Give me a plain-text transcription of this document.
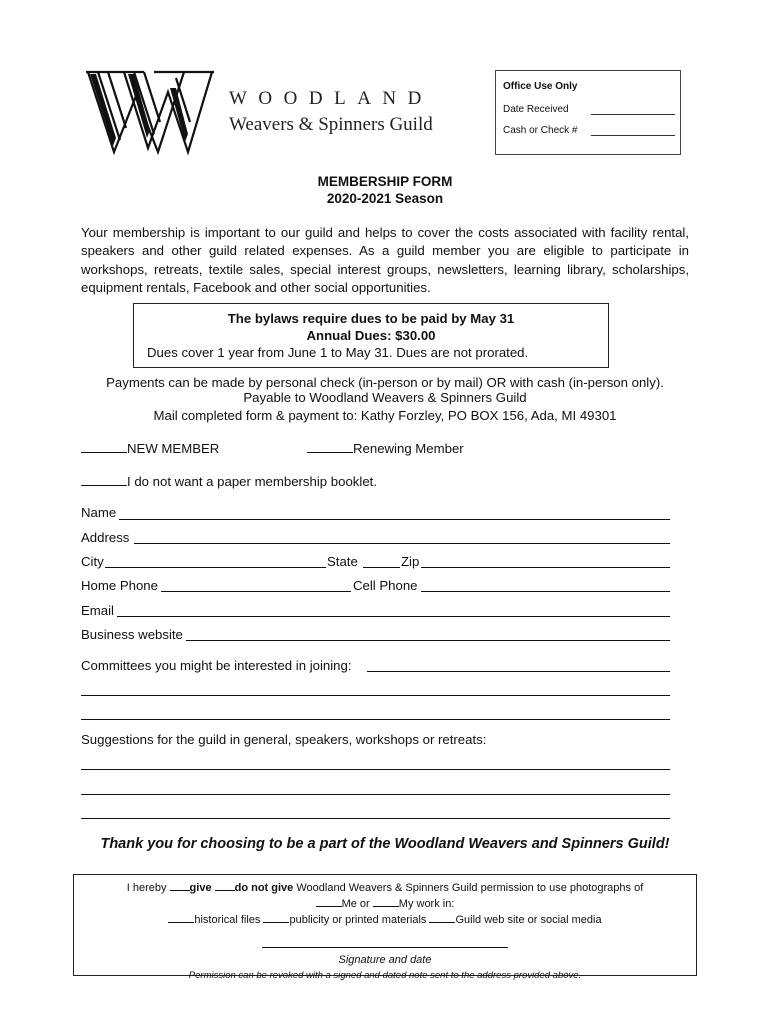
WOODLAND
Weavers & Spinners Guild
Office Use Only
Date Received
Cash or Check #
MEMBERSHIP FORM
2020-2021 Season
Your membership is important to our guild and helps to cover the costs associated with facility rental, speakers and other guild related expenses. As a guild member you are eligible to participate in workshops, retreats, textile sales, special interest groups, newsletters, learning library, scholarships, equipment rentals, Facebook and other social opportunities.
The bylaws require dues to be paid by May 31
Annual Dues: $30.00
Dues cover 1 year from June 1 to May 31. Dues are not prorated.
Payments can be made by personal check (in-person or by mail) OR with cash (in-person only).
Payable to Woodland Weavers & Spinners Guild
Mail completed form & payment to: Kathy Forzley, PO BOX 156, Ada, MI 49301
NEW MEMBER	Renewing Member
I do not want a paper membership booklet.
Name
Address
City	State	Zip
Home Phone	Cell Phone
Email
Business website
Committees you might be interested in joining:
Suggestions for the guild in general, speakers, workshops or retreats:
Thank you for choosing to be a part of the Woodland Weavers and Spinners Guild!
I hereby give do not give Woodland Weavers & Spinners Guild permission to use photographs of
Me or	My work in:
historical files	publicity or printed materials	Guild web site or social media
Signature and date
Permission can be revoked with a signed and dated note sent to the address provided above.
